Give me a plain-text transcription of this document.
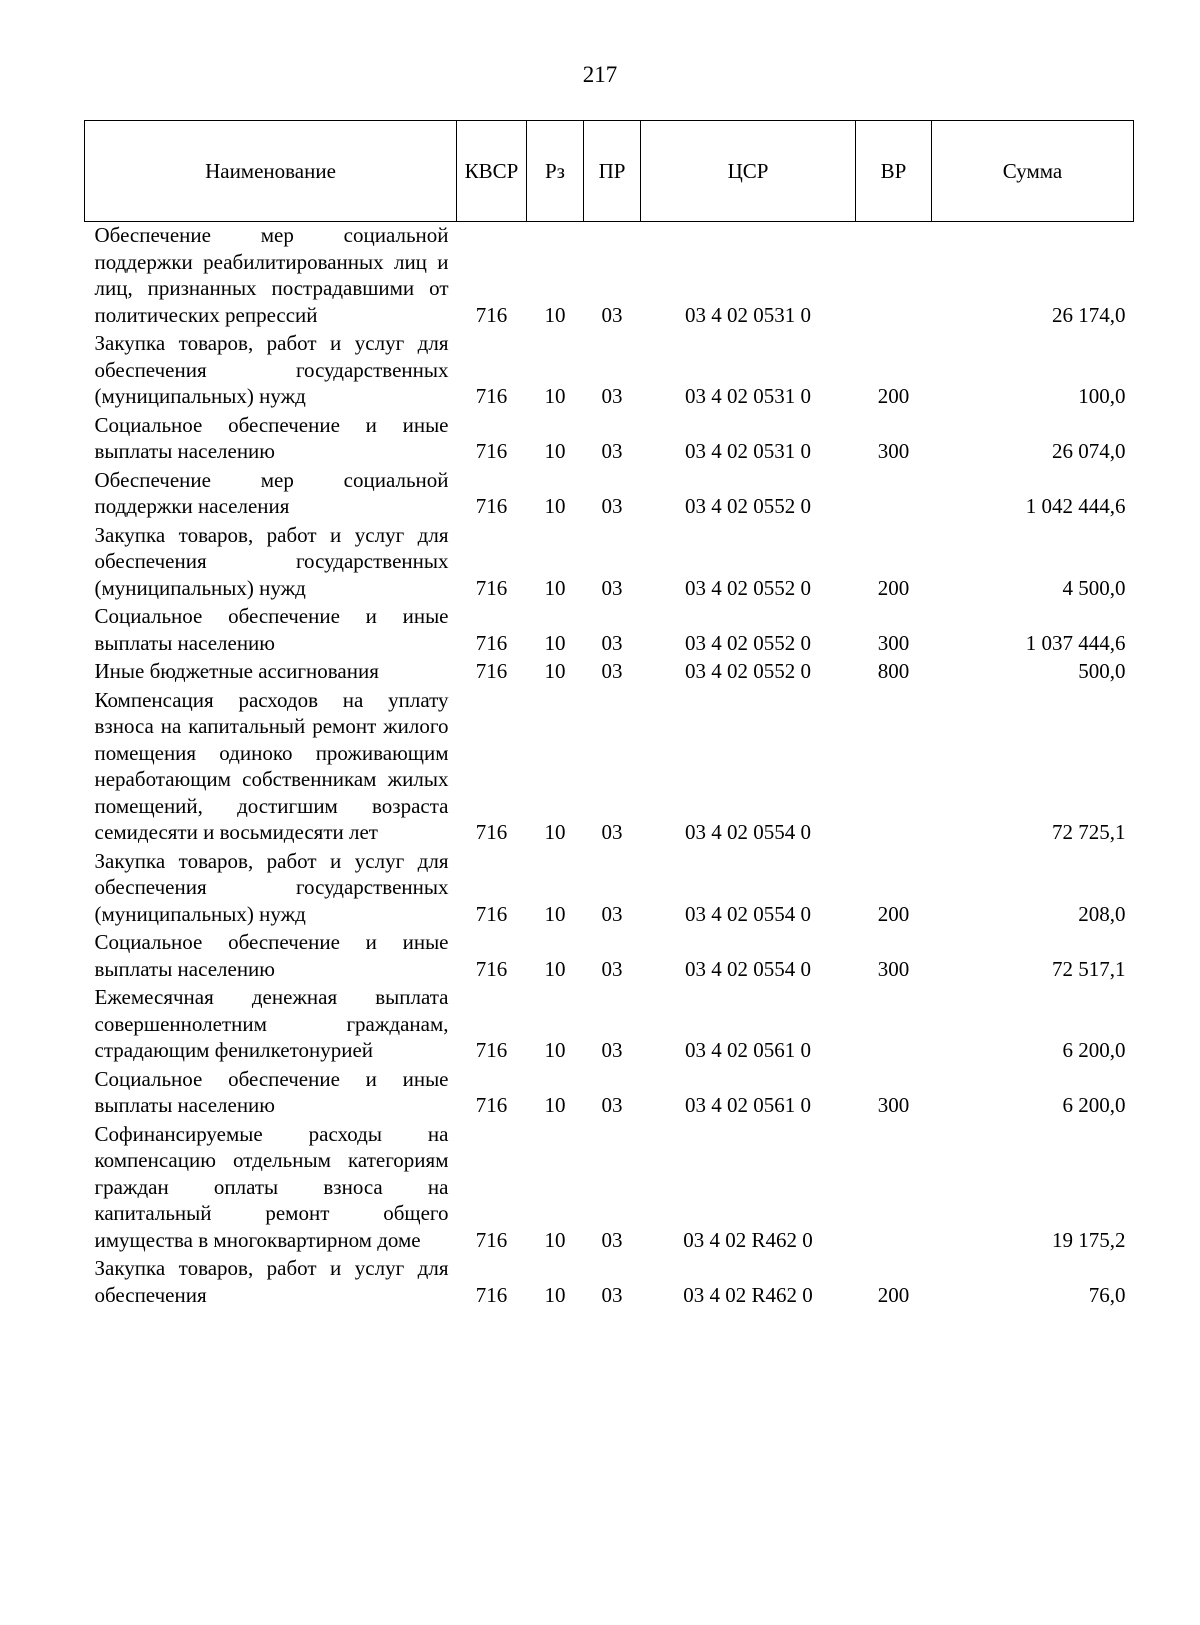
217
Наименование	КВСР	Рз	ПР	ЦСР	ВР	Сумма
Обеспечение мер социальной поддержки реабилитированных лиц и лиц, признанных пострадавшими от политических репрессий	716	10	03	03 4 02 0531 0		26 174,0
Закупка товаров, работ и услуг для обеспечения государственных (муниципальных) нужд	716	10	03	03 4 02 0531 0	200	100,0
Социальное обеспечение и иные выплаты населению	716	10	03	03 4 02 0531 0	300	26 074,0
Обеспечение мер социальной поддержки населения	716	10	03	03 4 02 0552 0		1 042 444,6
Закупка товаров, работ и услуг для обеспечения государственных (муниципальных) нужд	716	10	03	03 4 02 0552 0	200	4 500,0
Социальное обеспечение и иные выплаты населению	716	10	03	03 4 02 0552 0	300	1 037 444,6
Иные бюджетные ассигнования	716	10	03	03 4 02 0552 0	800	500,0
Компенсация расходов на уплату взноса на капитальный ремонт жилого помещения одиноко проживающим неработающим собственникам жилых помещений, достигшим возраста семидесяти и восьмидесяти лет	716	10	03	03 4 02 0554 0		72 725,1
Закупка товаров, работ и услуг для обеспечения государственных (муниципальных) нужд	716	10	03	03 4 02 0554 0	200	208,0
Социальное обеспечение и иные выплаты населению	716	10	03	03 4 02 0554 0	300	72 517,1
Ежемесячная денежная выплата совершеннолетним гражданам, страдающим фенилкетонурией	716	10	03	03 4 02 0561 0		6 200,0
Социальное обеспечение и иные выплаты населению	716	10	03	03 4 02 0561 0	300	6 200,0
Софинансируемые расходы на компенсацию отдельным категориям граждан оплаты взноса на капитальный ремонт общего имущества в многоквартирном доме	716	10	03	03 4 02 R462 0		19 175,2
Закупка товаров, работ и услуг для обеспечения	716	10	03	03 4 02 R462 0	200	76,0
